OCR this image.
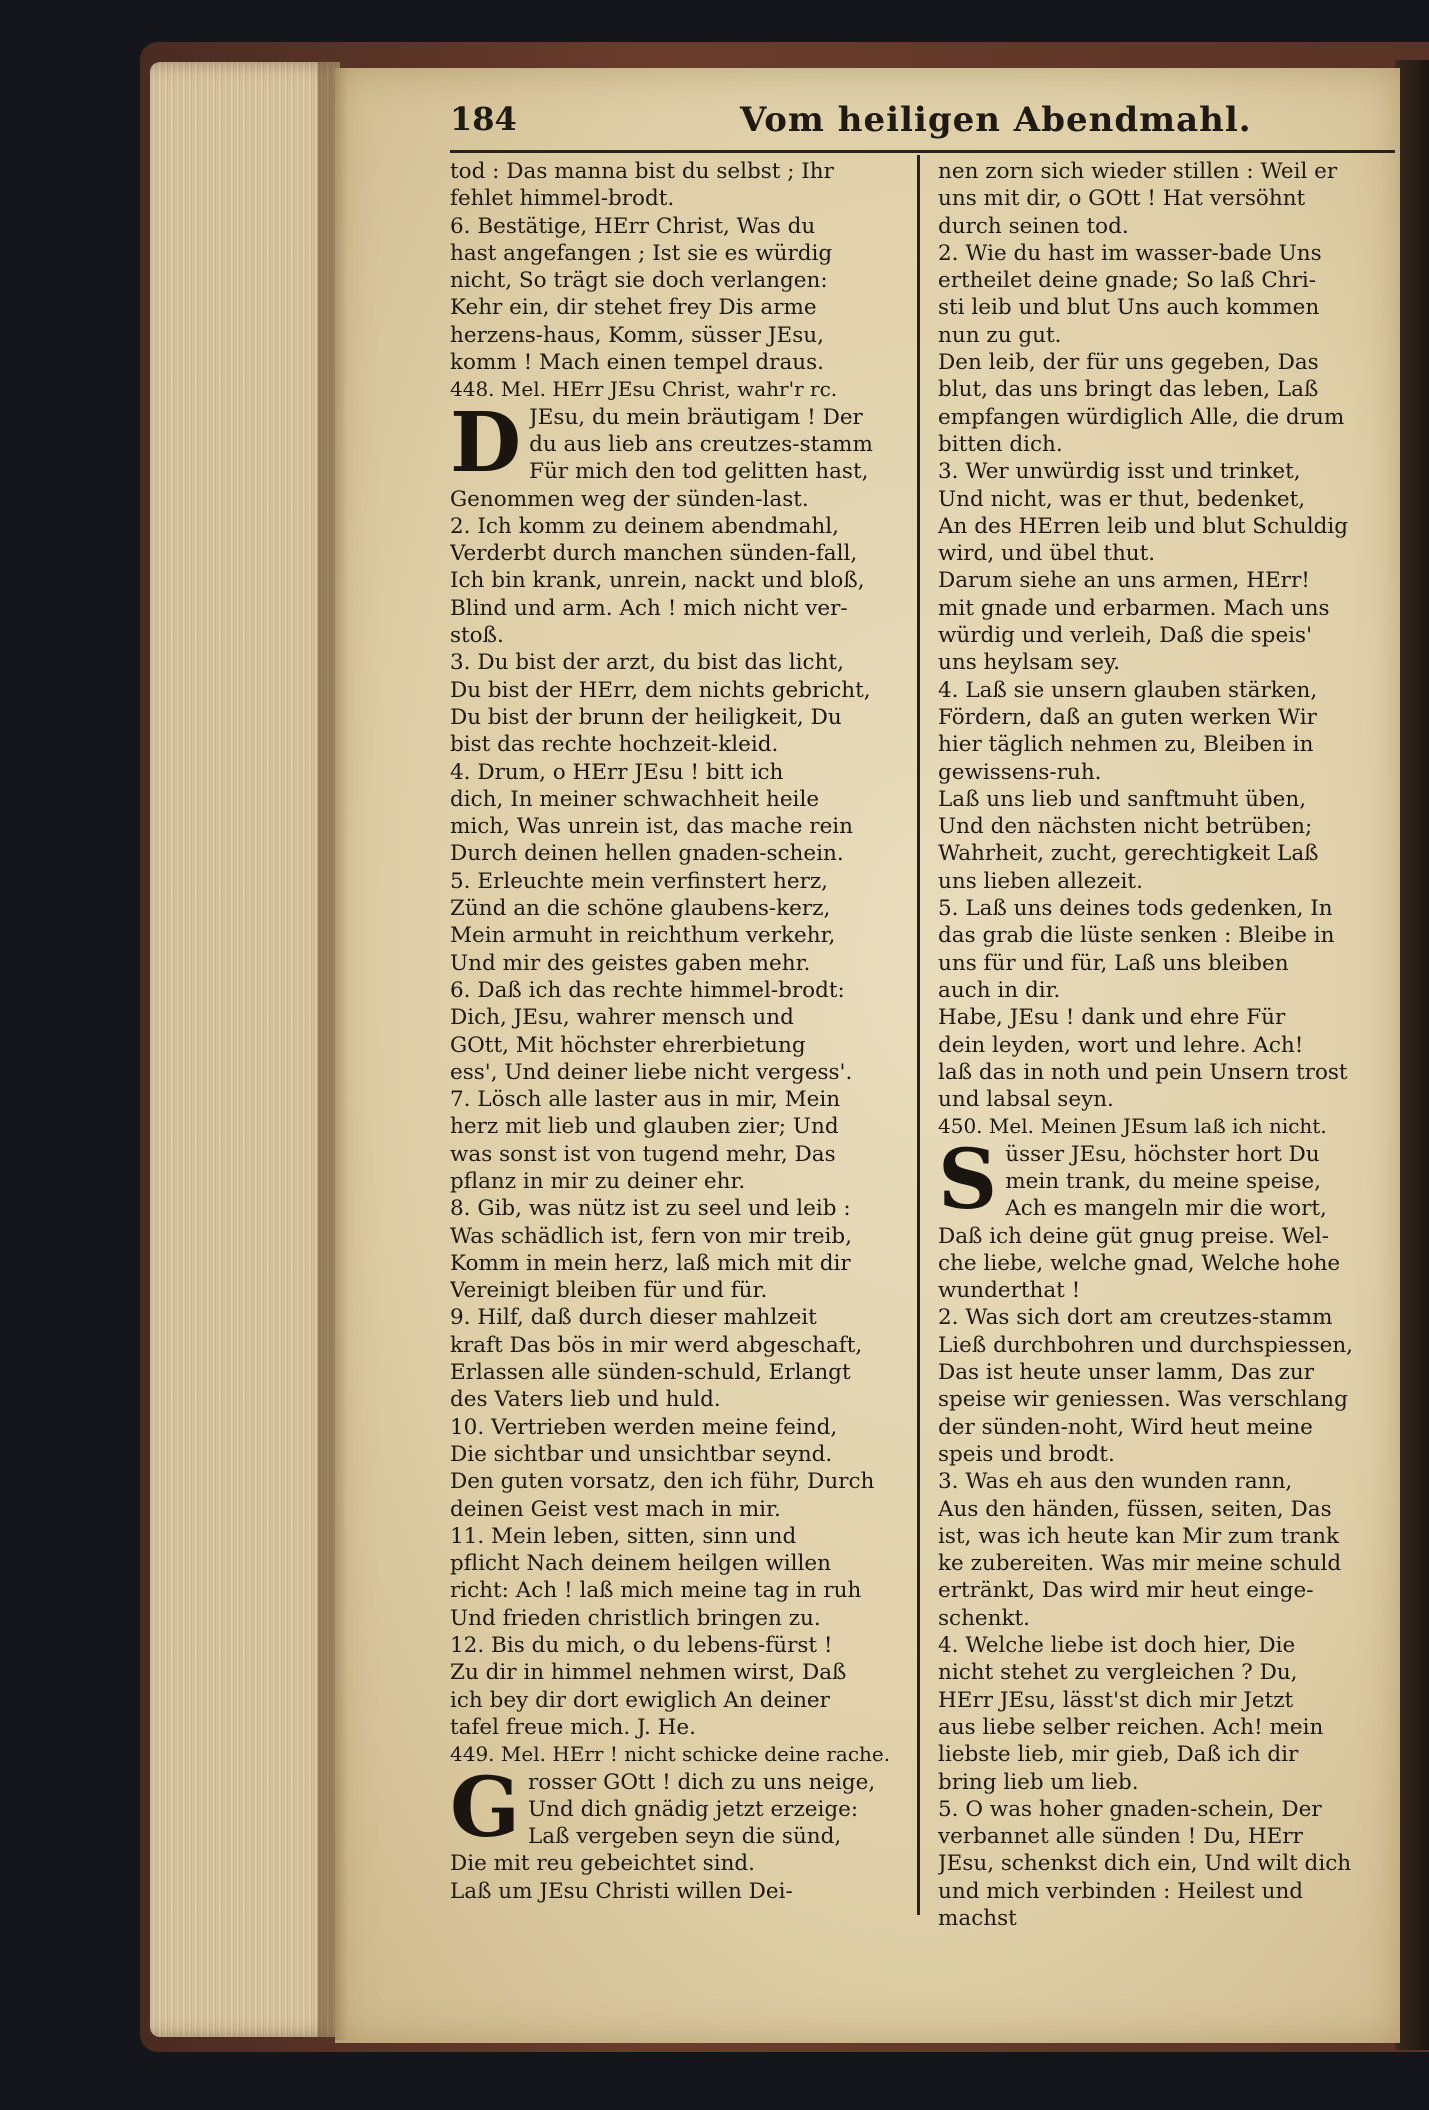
184	Vom heiligen Abendmahl.
tod : Das manna bist du selbst ; Ihr
fehlet himmel-brodt.
6. Bestätige, HErr Christ, Was du
hast angefangen ; Ist sie es würdig
nicht, So trägt sie doch verlangen:
Kehr ein, dir stehet frey Dis arme
herzens-haus, Komm, süsser JEsu,
komm ! Mach einen tempel draus.
448. Mel. HErr JEsu Christ, wahr'r rc.
D JEsu, du mein bräutigam ! Der
du aus lieb ans creutzes-stamm
Für mich den tod gelitten hast,
Genommen weg der sünden-last.
2. Ich komm zu deinem abendmahl,
Verderbt durch manchen sünden-fall,
Ich bin krank, unrein, nackt und bloß,
Blind und arm. Ach ! mich nicht ver-
stoß.
3. Du bist der arzt, du bist das licht,
Du bist der HErr, dem nichts gebricht,
Du bist der brunn der heiligkeit, Du
bist das rechte hochzeit-kleid.
4. Drum, o HErr JEsu ! bitt ich
dich, In meiner schwachheit heile
mich, Was unrein ist, das mache rein
Durch deinen hellen gnaden-schein.
5. Erleuchte mein verfinstert herz,
Zünd an die schöne glaubens-kerz,
Mein armuht in reichthum verkehr,
Und mir des geistes gaben mehr.
6. Daß ich das rechte himmel-brodt:
Dich, JEsu, wahrer mensch und
GOtt, Mit höchster ehrerbietung
ess', Und deiner liebe nicht vergess'.
7. Lösch alle laster aus in mir, Mein
herz mit lieb und glauben zier; Und
was sonst ist von tugend mehr, Das
pflanz in mir zu deiner ehr.
8. Gib, was nütz ist zu seel und leib :
Was schädlich ist, fern von mir treib,
Komm in mein herz, laß mich mit dir
Vereinigt bleiben für und für.
9. Hilf, daß durch dieser mahlzeit
kraft Das bös in mir werd abgeschaft,
Erlassen alle sünden-schuld, Erlangt
des Vaters lieb und huld.
10. Vertrieben werden meine feind,
Die sichtbar und unsichtbar seynd.
Den guten vorsatz, den ich führ, Durch
deinen Geist vest mach in mir.
11. Mein leben, sitten, sinn und
pflicht Nach deinem heilgen willen
richt: Ach ! laß mich meine tag in ruh
Und frieden christlich bringen zu.
12. Bis du mich, o du lebens-fürst !
Zu dir in himmel nehmen wirst, Daß
ich bey dir dort ewiglich An deiner
tafel freue mich. J. He.
449. Mel. HErr ! nicht schicke deine rache.
G rosser GOtt ! dich zu uns neige,
Und dich gnädig jetzt erzeige:
Laß vergeben seyn die sünd,
Die mit reu gebeichtet sind.
Laß um JEsu Christi willen Dei-
nen zorn sich wieder stillen : Weil er
uns mit dir, o GOtt ! Hat versöhnt
durch seinen tod.
2. Wie du hast im wasser-bade Uns
ertheilet deine gnade; So laß Chri-
sti leib und blut Uns auch kommen
nun zu gut.
Den leib, der für uns gegeben, Das
blut, das uns bringt das leben, Laß
empfangen würdiglich Alle, die drum
bitten dich.
3. Wer unwürdig isst und trinket,
Und nicht, was er thut, bedenket,
An des HErren leib und blut Schuldig
wird, und übel thut.
Darum siehe an uns armen, HErr!
mit gnade und erbarmen. Mach uns
würdig und verleih, Daß die speis'
uns heylsam sey.
4. Laß sie unsern glauben stärken,
Fördern, daß an guten werken Wir
hier täglich nehmen zu, Bleiben in
gewissens-ruh.
Laß uns lieb und sanftmuht üben,
Und den nächsten nicht betrüben;
Wahrheit, zucht, gerechtigkeit Laß
uns lieben allezeit.
5. Laß uns deines tods gedenken, In
das grab die lüste senken : Bleibe in
uns für und für, Laß uns bleiben
auch in dir.
Habe, JEsu ! dank und ehre Für
dein leyden, wort und lehre. Ach!
laß das in noth und pein Unsern trost
und labsal seyn.
450. Mel. Meinen JEsum laß ich nicht.
S üsser JEsu, höchster hort Du
mein trank, du meine speise,
Ach es mangeln mir die wort,
Daß ich deine güt gnug preise. Wel-
che liebe, welche gnad, Welche hohe
wunderthat !
2. Was sich dort am creutzes-stamm
Ließ durchbohren und durchspiessen,
Das ist heute unser lamm, Das zur
speise wir geniessen. Was verschlang
der sünden-noht, Wird heut meine
speis und brodt.
3. Was eh aus den wunden rann,
Aus den händen, füssen, seiten, Das
ist, was ich heute kan Mir zum trank
ke zubereiten. Was mir meine schuld
ertränkt, Das wird mir heut einge-
schenkt.
4. Welche liebe ist doch hier, Die
nicht stehet zu vergleichen ? Du,
HErr JEsu, lässt'st dich mir Jetzt
aus liebe selber reichen. Ach! mein
liebste lieb, mir gieb, Daß ich dir
bring lieb um lieb.
5. O was hoher gnaden-schein, Der
verbannet alle sünden ! Du, HErr
JEsu, schenkst dich ein, Und wilt dich
und mich verbinden : Heilest und
machst
